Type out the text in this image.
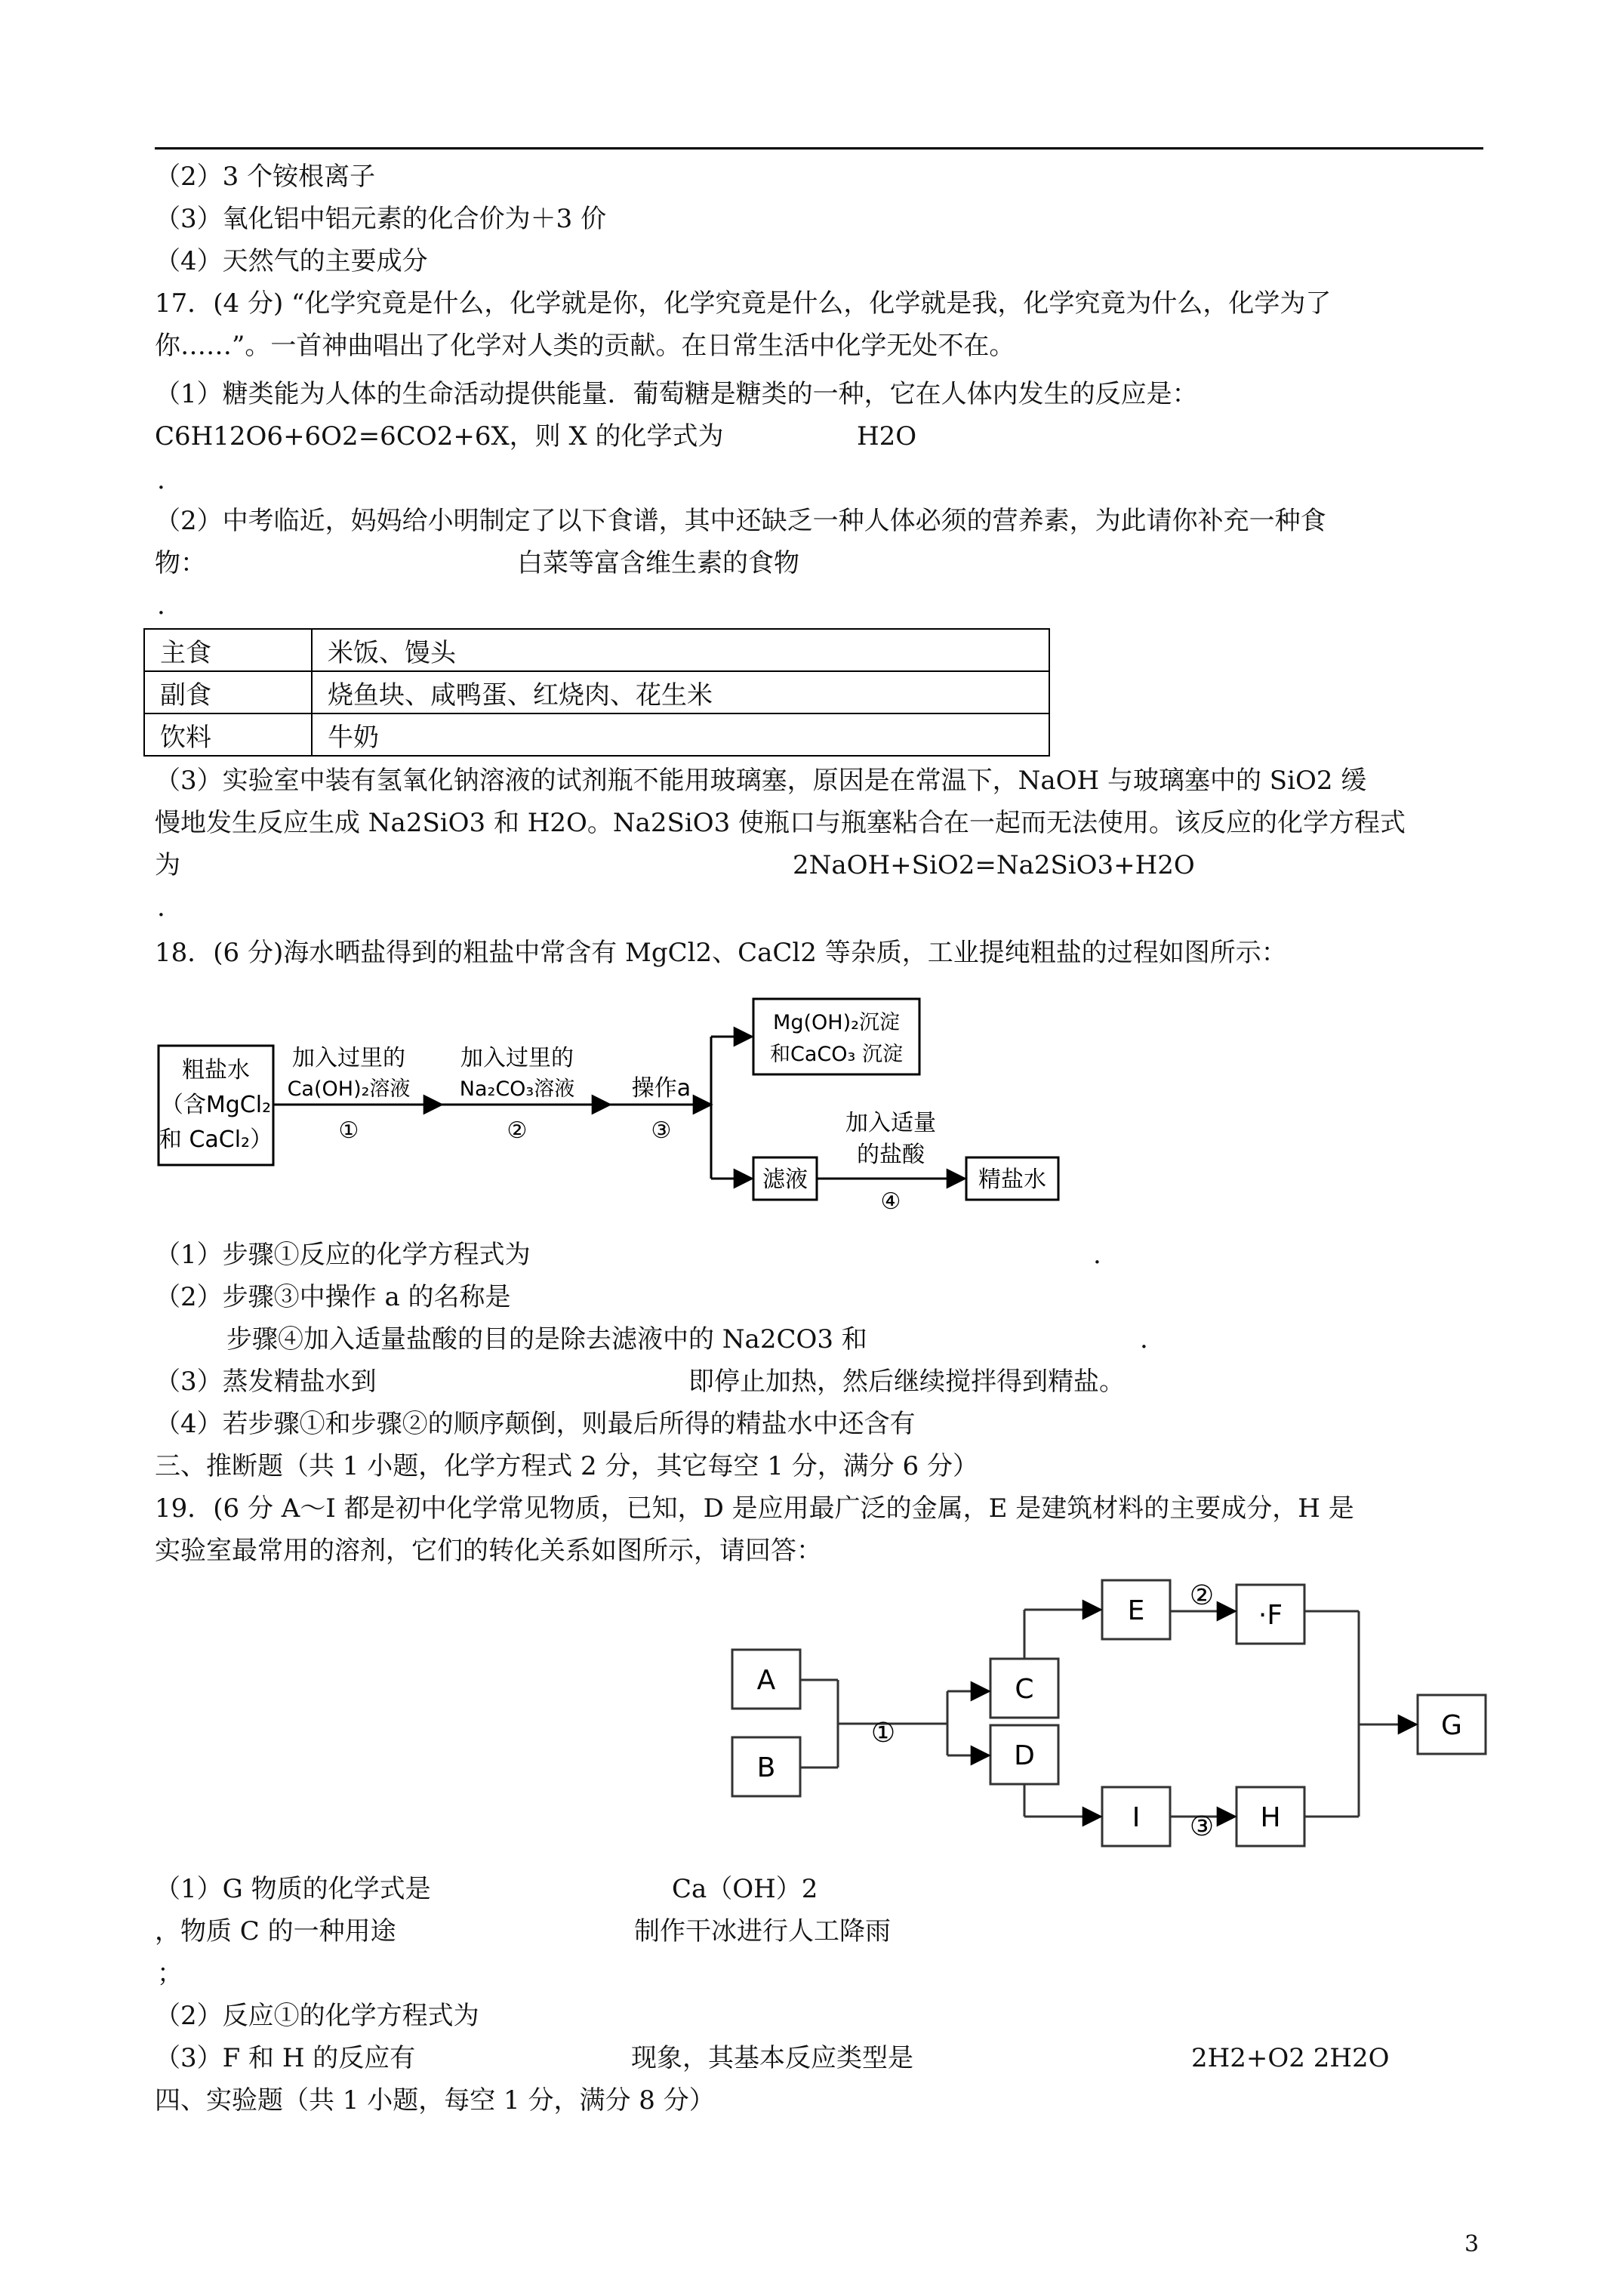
（2）3 个铵根离子
（3）氧化铝中铝元素的化合价为＋3 价
（4）天然气的主要成分
17．(4 分) “化学究竟是什么，化学就是你，化学究竟是什么，化学就是我，化学究竟为什么，化学为了
你……”。一首神曲唱出了化学对人类的贡献。在日常生活中化学无处不在。
（1）糖类能为人体的生命活动提供能量．葡萄糖是糖类的一种，它在人体内发生的反应是：
C6H12O6+6O2=6CO2+6X，则 X 的化学式为	H2O
.
（2）中考临近，妈妈给小明制定了以下食谱，其中还缺乏一种人体必须的营养素，为此请你补充一种食
物：	白菜等富含维生素的食物
.
主食	米饭、馒头
副食	烧鱼块、咸鸭蛋、红烧肉、花生米
饮料	牛奶
（3）实验室中装有氢氧化钠溶液的试剂瓶不能用玻璃塞，原因是在常温下，NaOH 与玻璃塞中的 SiO2 缓
慢地发生反应生成 Na2SiO3 和 H2O。Na2SiO3 使瓶口与瓶塞粘合在一起而无法使用。该反应的化学方程式
为	2NaOH+SiO2=Na2SiO3+H2O
.
18．(6 分)海水晒盐得到的粗盐中常含有 MgCl2、CaCl2 等杂质，工业提纯粗盐的过程如图所示：
粗盐水
（含MgCl₂
和 CaCl₂）
加入过里的
Ca(OH)₂溶液
①
加入过里的
Na₂CO₃溶液
②
操作a
③
Mg(OH)₂沉淀
和CaCO₃ 沉淀
滤液
加入适量
的盐酸
④
精盐水
（1）步骤①反应的化学方程式为	.
（2）步骤③中操作 a 的名称是
步骤④加入适量盐酸的目的是除去滤液中的 Na2CO3 和	.
（3）蒸发精盐水到	即停止加热，然后继续搅拌得到精盐。
（4）若步骤①和步骤②的顺序颠倒，则最后所得的精盐水中还含有
三、推断题（共 1 小题，化学方程式 2 分，其它每空 1 分，满分 6 分）
19．(6 分 A～I 都是初中化学常见物质，已知，D 是应用最广泛的金属，E 是建筑材料的主要成分，H 是
实验室最常用的溶剂，它们的转化关系如图所示，请回答：
A
B
C
D
E	·F
I	H
G
①
②
③
（1）G 物质的化学式是	Ca（OH）2
，物质 C 的一种用途	制作干冰进行人工降雨
；
（2）反应①的化学方程式为
（3）F 和 H 的反应有	现象，其基本反应类型是	2H2+O2 2H2O
四、实验题（共 1 小题，每空 1 分，满分 8 分）
3
